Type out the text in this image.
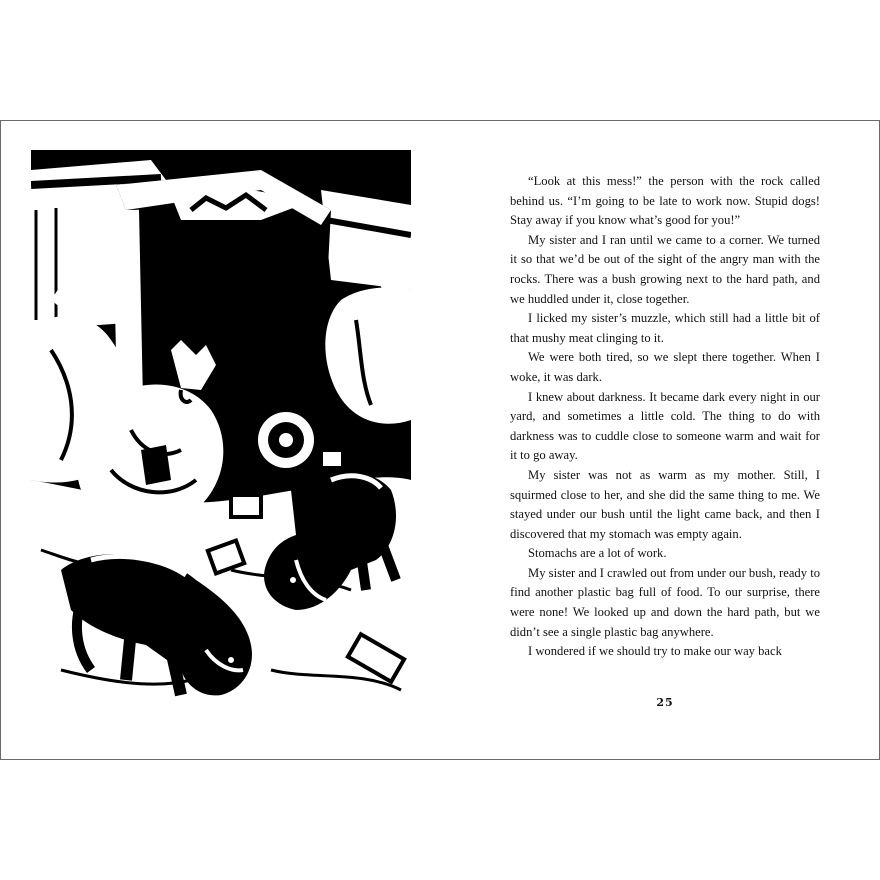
“Look at this mess!” the person with the rock called behind us. “I’m going to be late to work now. Stupid dogs! Stay away if you know what’s good for you!”

My sister and I ran until we came to a corner. We turned it so that we’d be out of the sight of the angry man with the rocks. There was a bush growing next to the hard path, and we huddled under it, close together.

I licked my sister’s muzzle, which still had a little bit of that mushy meat clinging to it.

We were both tired, so we slept there together. When I woke, it was dark.

I knew about darkness. It became dark every night in our yard, and sometimes a little cold. The thing to do with darkness was to cuddle close to someone warm and wait for it to go away.

My sister was not as warm as my mother. Still, I squirmed close to her, and she did the same thing to me. We stayed under our bush until the light came back, and then I discovered that my stomach was empty again.

Stomachs are a lot of work.

My sister and I crawled out from under our bush, ready to find another plastic bag full of food. To our surprise, there were none! We looked up and down the hard path, but we didn’t see a single plastic bag anywhere.

I wondered if we should try to make our way back

25
